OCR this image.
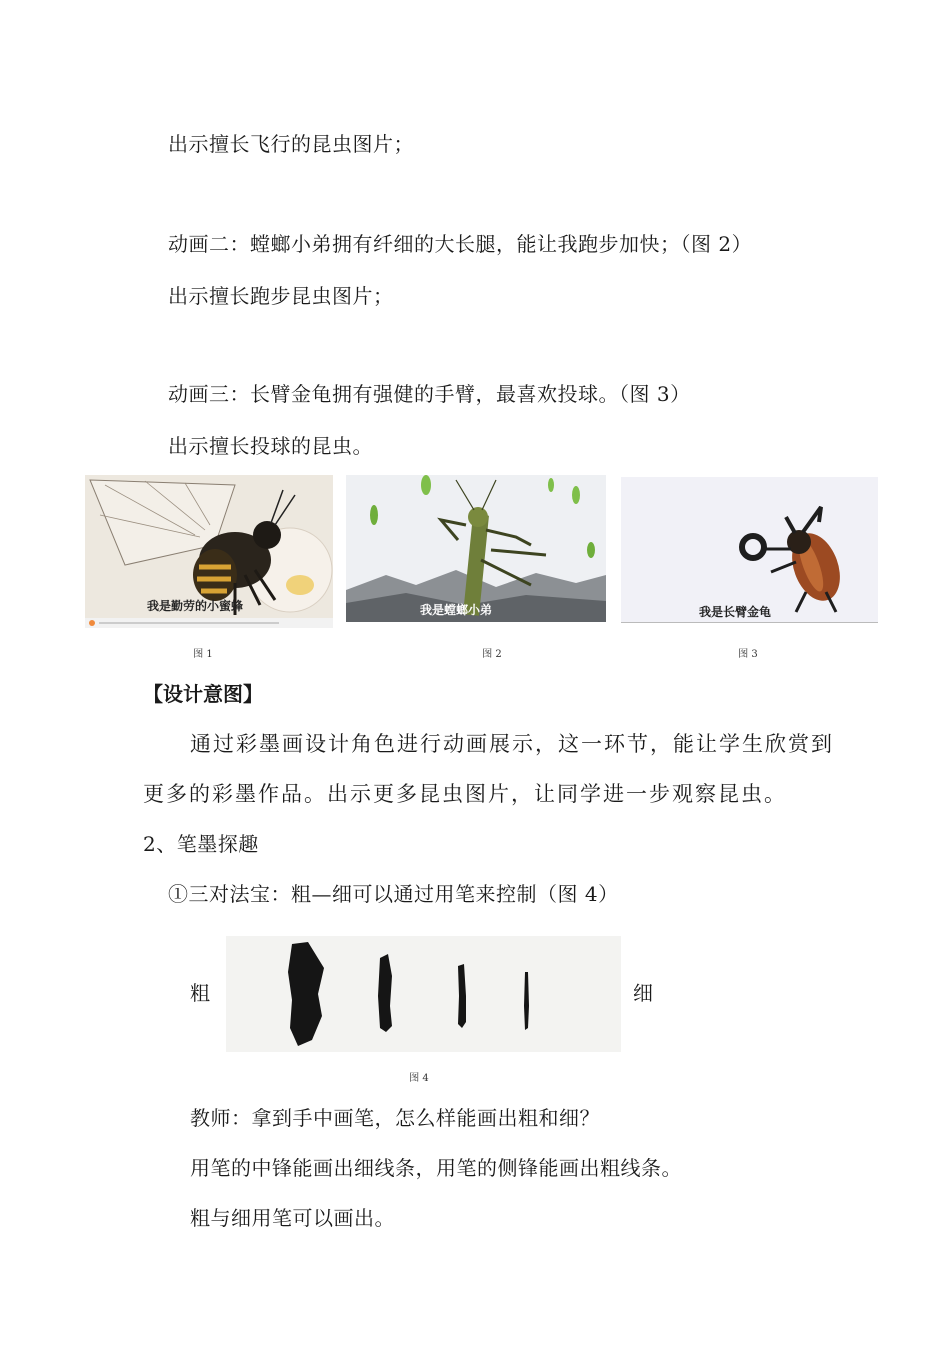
出示擅长飞行的昆虫图片；
动画二：螳螂小弟拥有纤细的大长腿，能让我跑步加快；（图 2）
出示擅长跑步昆虫图片；
动画三：长臂金龟拥有强健的手臂，最喜欢投球。（图 3）
出示擅长投球的昆虫。
我是勤劳的小蜜蜂
图 1
我是螳螂小弟
图 2
我是长臂金龟
图 3
【设计意图】
通过彩墨画设计角色进行动画展示，这一环节，能让学生欣赏到
更多的彩墨作品。出示更多昆虫图片，让同学进一步观察昆虫。
2、笔墨探趣
①三对法宝：粗—细可以通过用笔来控制（图 4）
粗	细
图 4
教师：拿到手中画笔，怎么样能画出粗和细？
用笔的中锋能画出细线条，用笔的侧锋能画出粗线条。
粗与细用笔可以画出。
